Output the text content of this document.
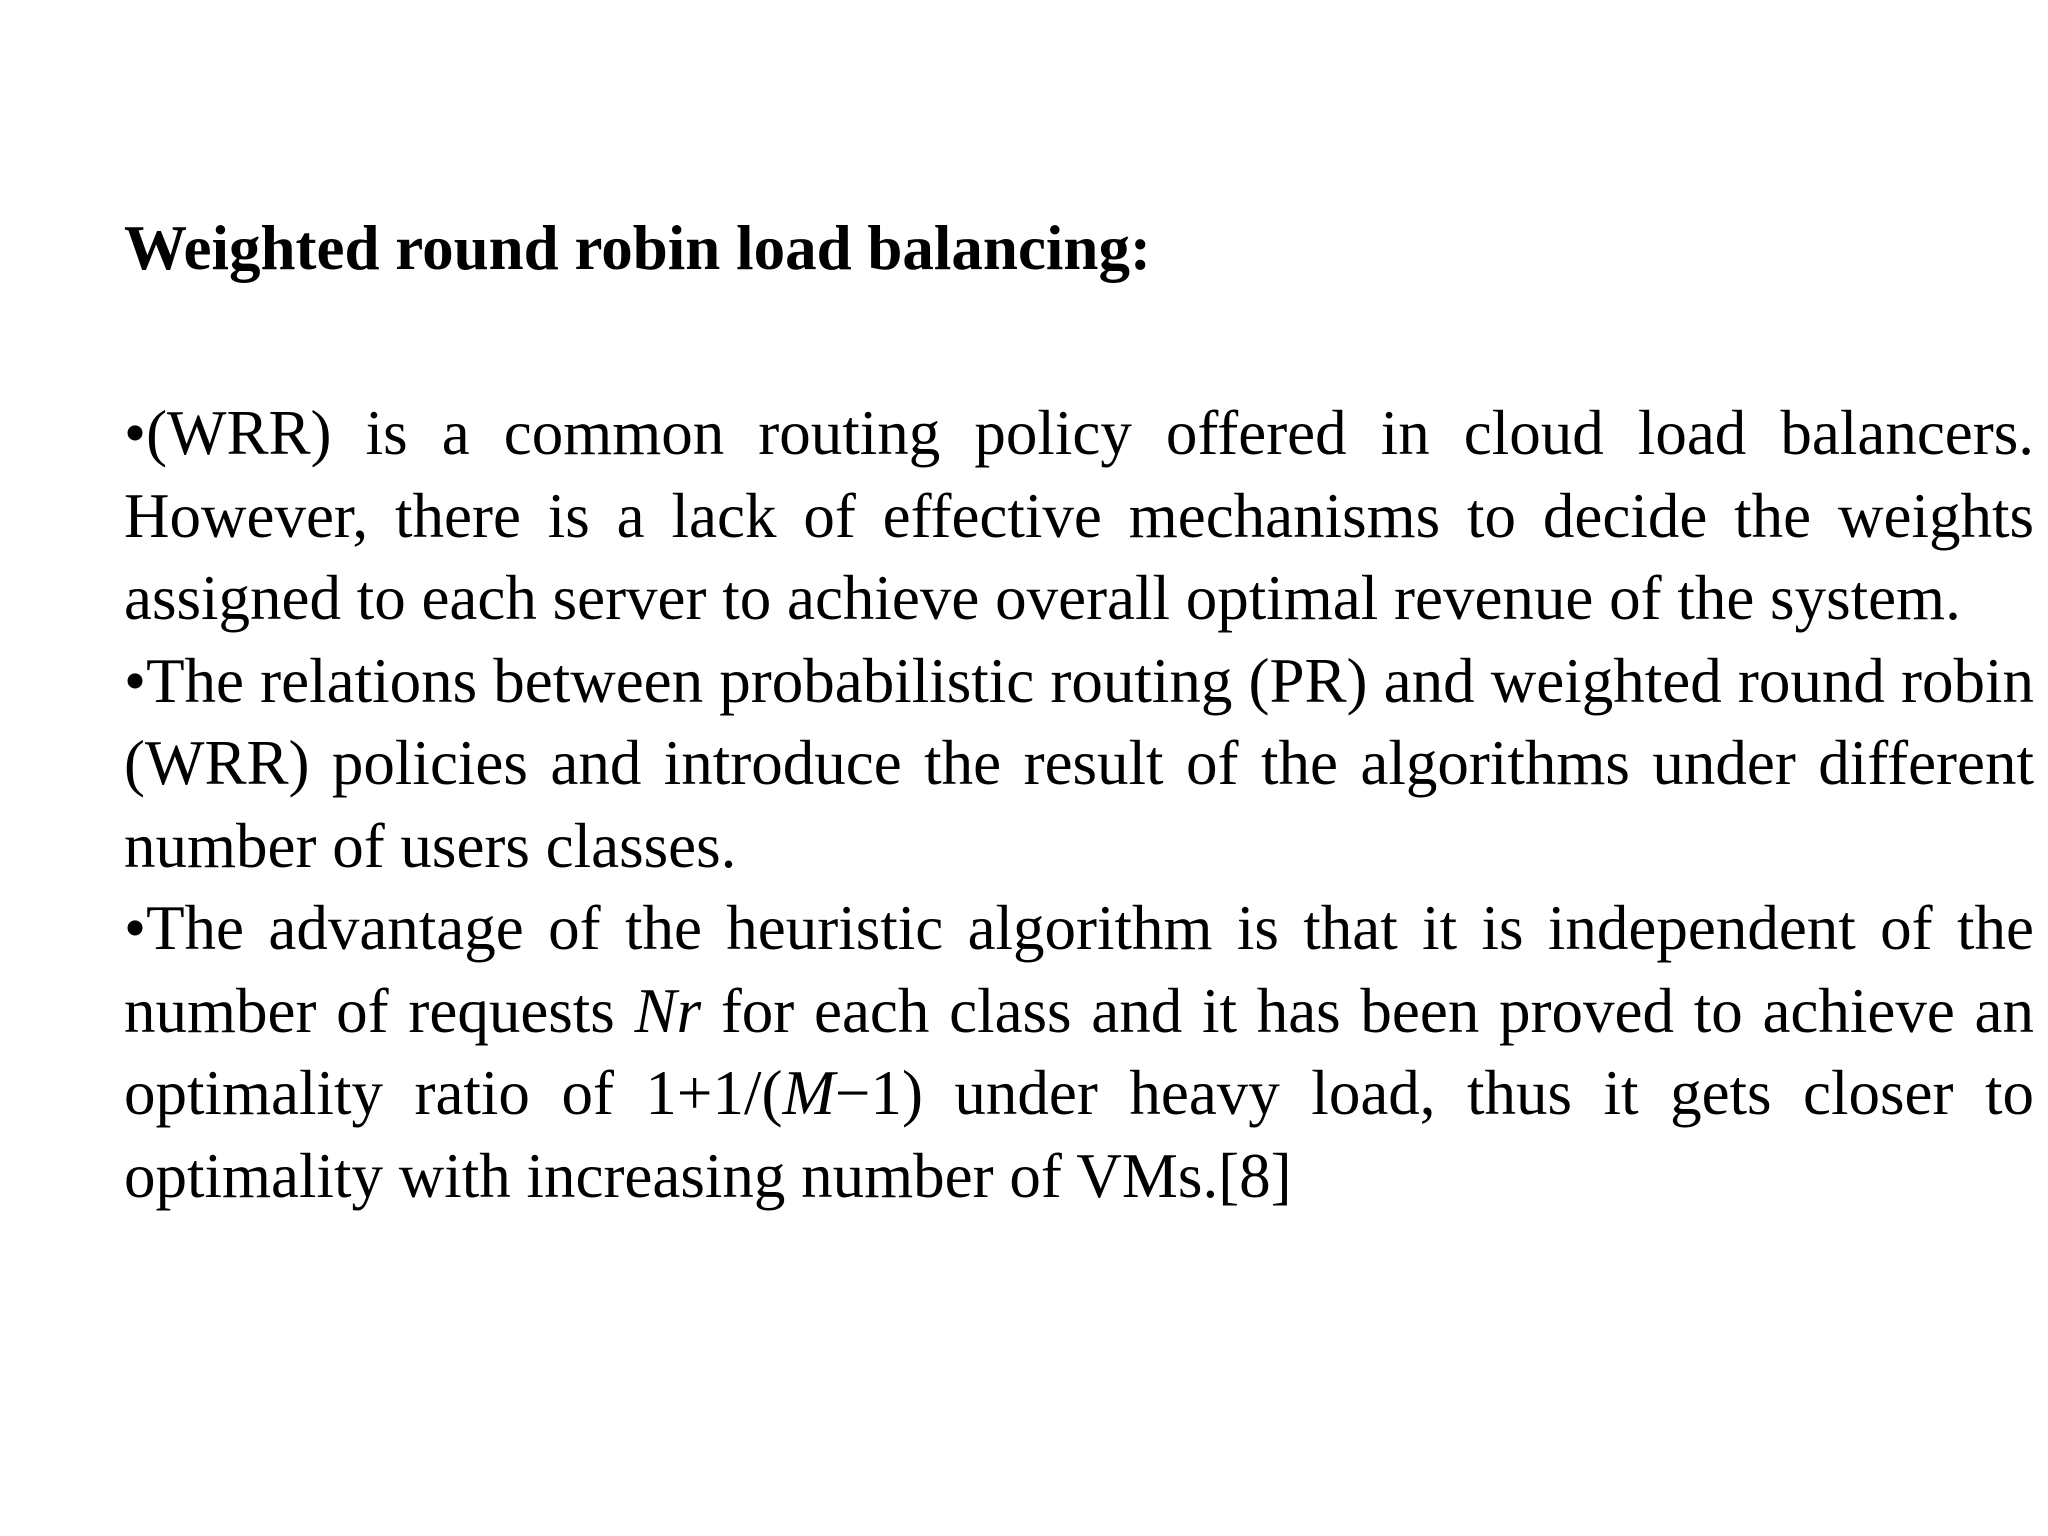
Weighted round robin load balancing:

•(WRR) is a common routing policy offered in cloud load balancers. However, there is a lack of effective mechanisms to decide the weights assigned to each server to achieve overall optimal revenue of the system.

•The relations between probabilistic routing (PR) and weighted round robin (WRR) policies and introduce the result of the algorithms under different number of users classes.

•The advantage of the heuristic algorithm is that it is independent of the number of requests Nr for each class and it has been proved to achieve an optimality ratio of 1+1/(M−1) under heavy load, thus it gets closer to optimality with increasing number of VMs.[8]
